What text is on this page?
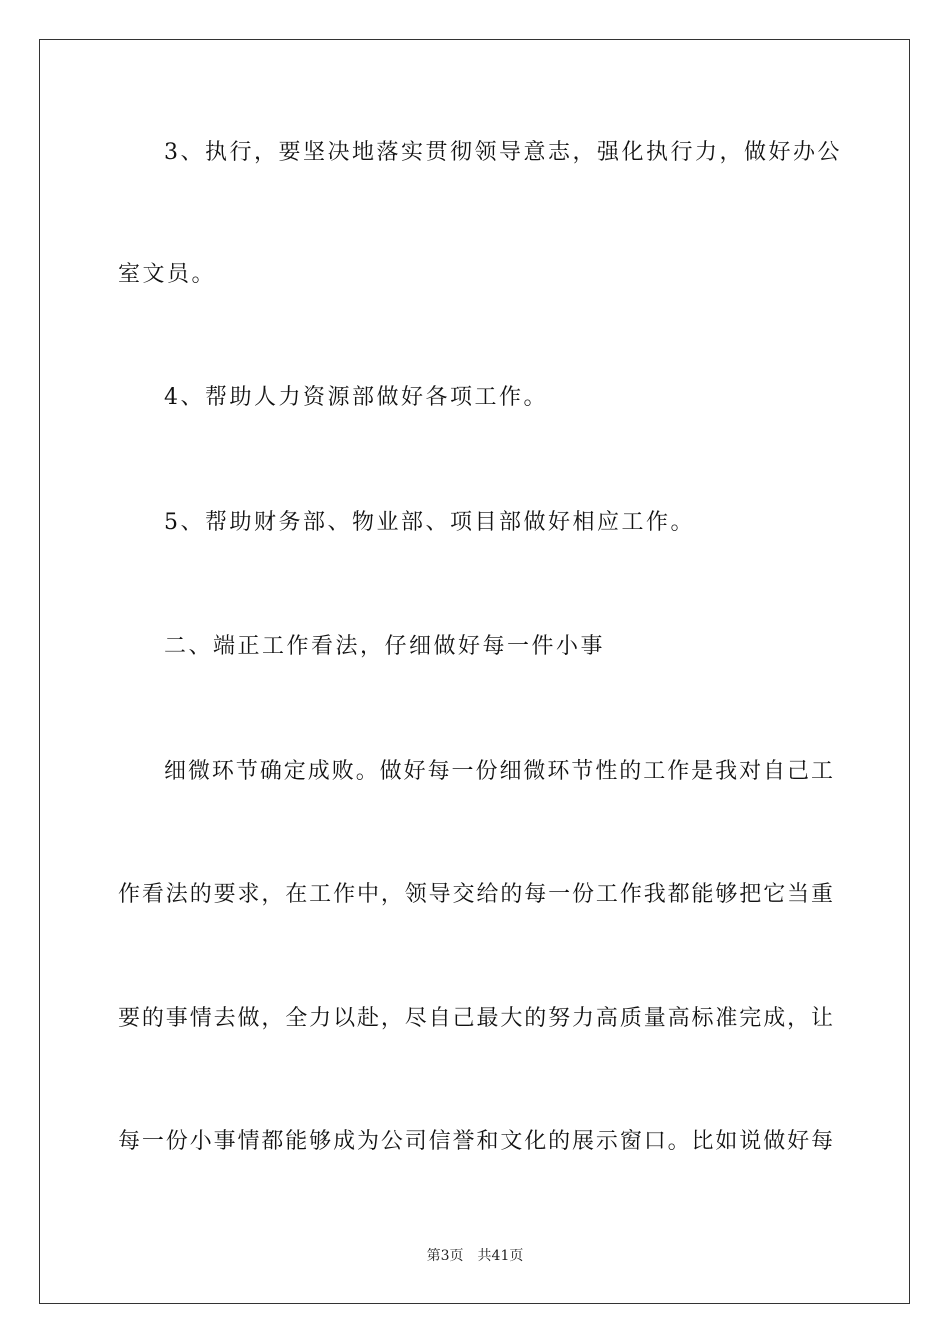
3、执行，要坚决地落实贯彻领导意志，强化执行力，做好办公
室文员。
4、帮助人力资源部做好各项工作。
5、帮助财务部、物业部、项目部做好相应工作。
二、端正工作看法，仔细做好每一件小事
细微环节确定成败。做好每一份细微环节性的工作是我对自己工
作看法的要求，在工作中，领导交给的每一份工作我都能够把它当重
要的事情去做，全力以赴，尽自己最大的努力高质量高标准完成，让
每一份小事情都能够成为公司信誉和文化的展示窗口。比如说做好每
第3页 共41页
